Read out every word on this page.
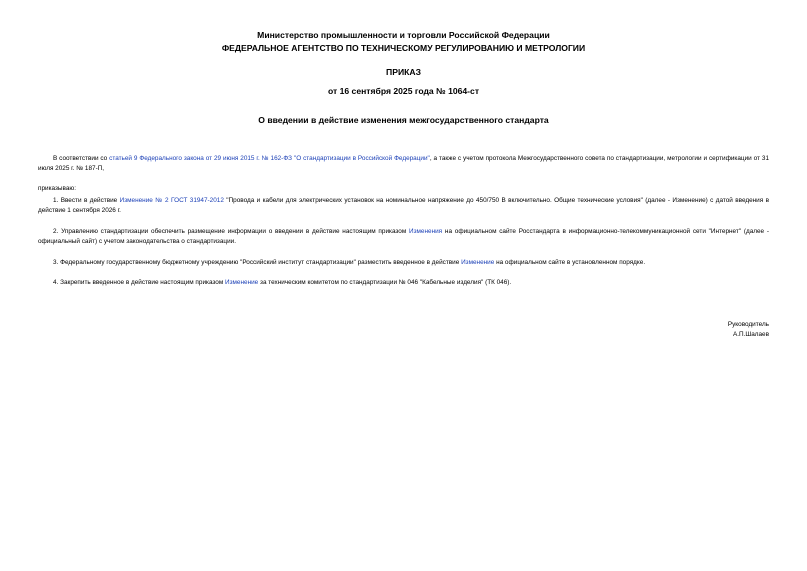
Министерство промышленности и торговли Российской Федерации
ФЕДЕРАЛЬНОЕ АГЕНТСТВО ПО ТЕХНИЧЕСКОМУ РЕГУЛИРОВАНИЮ И МЕТРОЛОГИИ
ПРИКАЗ
от 16 сентября 2025 года № 1064-ст
О введении в действие изменения межгосударственного стандарта

В соответствии со статьей 9 Федерального закона от 29 июня 2015 г. № 162-ФЗ "О стандартизации в Российской Федерации", а также с учетом протокола Межгосударственного совета по стандартизации, метрологии и сертификации от 31 июля 2025 г. № 187-П,

приказываю:

1. Ввести в действие Изменение № 2 ГОСТ 31947-2012 "Провода и кабели для электрических установок на номинальное напряжение до 450/750 В включительно. Общие технические условия" (далее - Изменение) с датой введения в действие 1 сентября 2026 г.

2. Управлению стандартизации обеспечить размещение информации о введении в действие настоящим приказом Изменения на официальном сайте Росстандарта в информационно-телекоммуникационной сети "Интернет" (далее - официальный сайт) с учетом законодательства о стандартизации.

3. Федеральному государственному бюджетному учреждению "Российский институт стандартизации" разместить введенное в действие Изменение на официальном сайте в установленном порядке.

4. Закрепить введенное в действие настоящим приказом Изменение за техническим комитетом по стандартизации № 046 "Кабельные изделия" (ТК 046).

Руководитель
А.П.Шалаев
